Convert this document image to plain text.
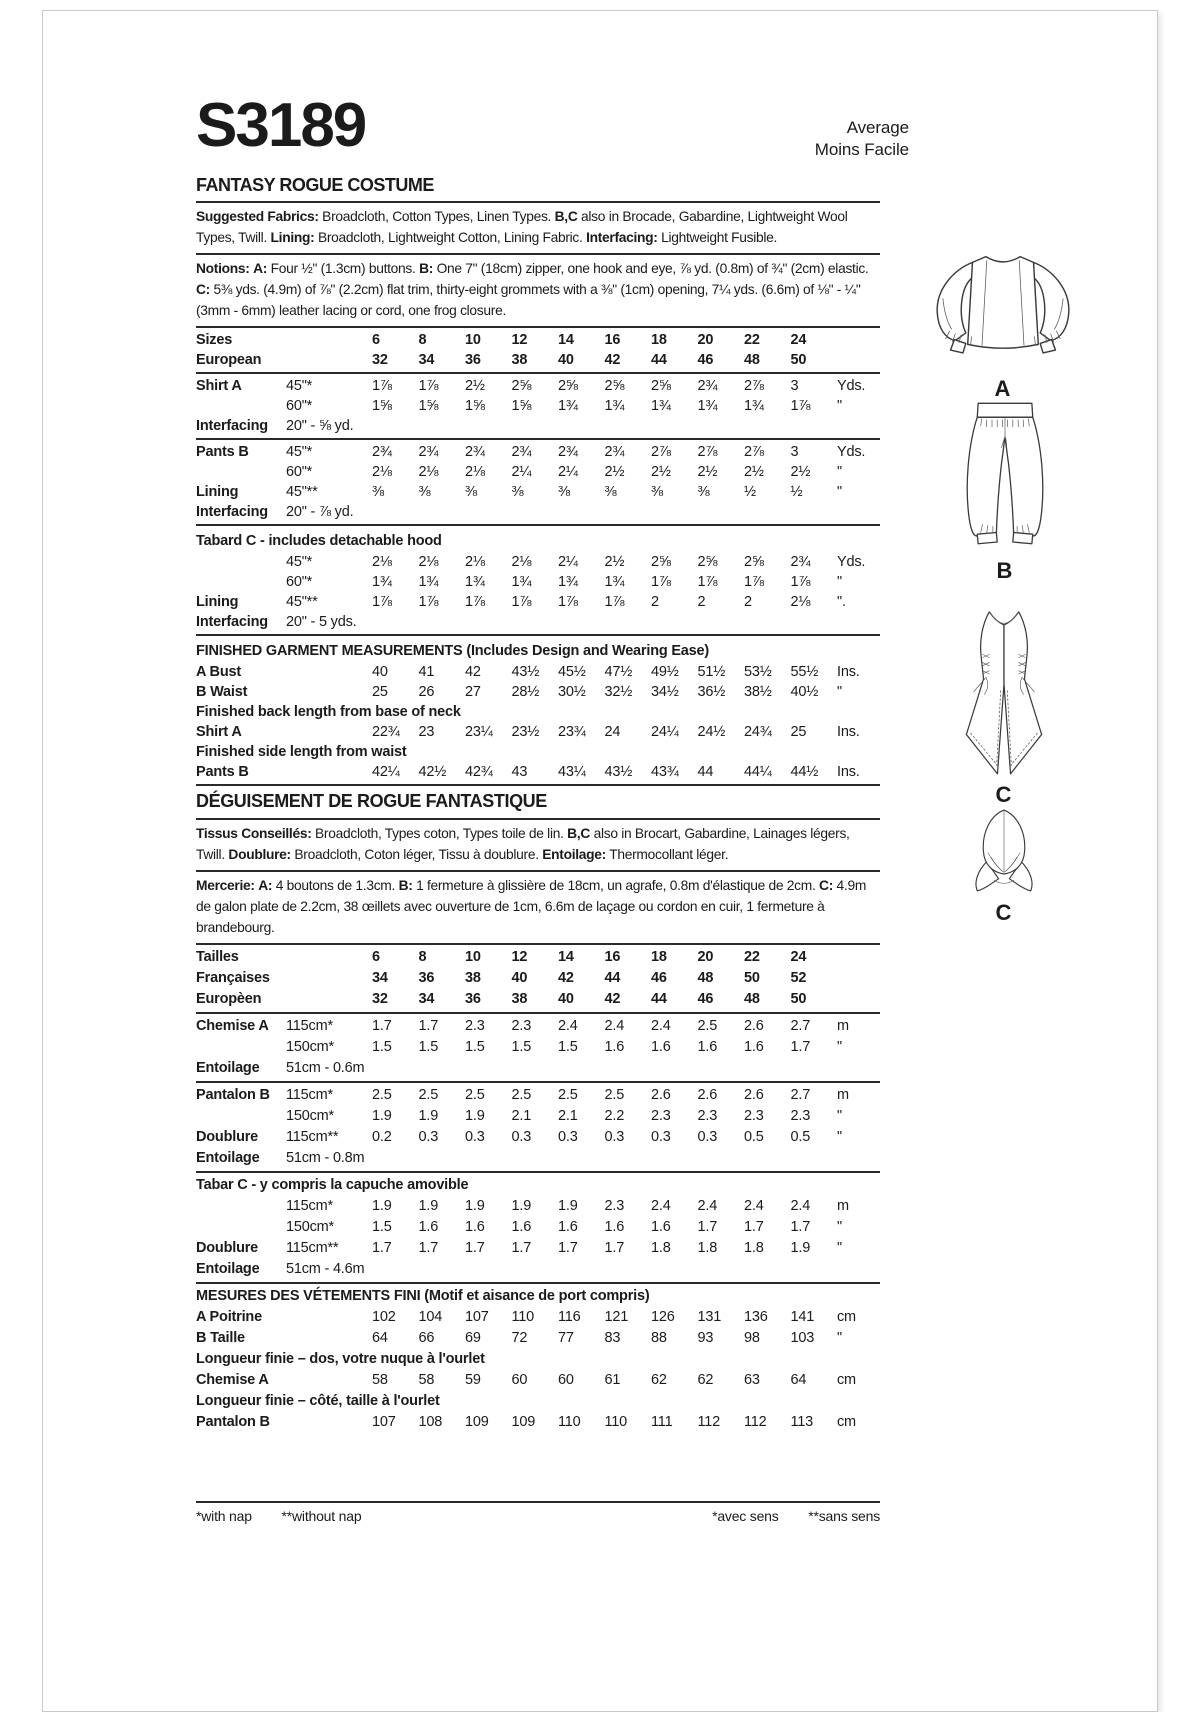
S3189	Average
Moins Facile
FANTASY ROGUE COSTUME
Suggested Fabrics: Broadcloth, Cotton Types, Linen Types. B,C also in Brocade, Gabardine, Lightweight Wool Types, Twill. Lining: Broadcloth, Lightweight Cotton, Lining Fabric. Interfacing: Lightweight Fusible.
Notions: A: Four ½" (1.3cm) buttons. B: One 7" (18cm) zipper, one hook and eye, ⅞ yd. (0.8m) of ¾" (2cm) elastic. C: 5⅜ yds. (4.9m) of ⅞" (2.2cm) flat trim, thirty-eight grommets with a ⅜" (1cm) opening, 7¼ yds. (6.6m) of ⅛" - ¼" (3mm - 6mm) leather lacing or cord, one frog closure.
Sizes	6	8	10	12	14	16	18	20	22	24
European	32	34	36	38	40	42	44	46	48	50
Shirt A	45"*	1⅞	1⅞	2½	2⅝	2⅝	2⅝	2⅝	2¾	2⅞	3	Yds.
60"*	1⅝	1⅝	1⅝	1⅝	1¾	1¾	1¾	1¾	1¾	1⅞	"
Interfacing	20" - ⅝ yd.
Pants B	45"*	2¾	2¾	2¾	2¾	2¾	2¾	2⅞	2⅞	2⅞	3	Yds.
60"*	2⅛	2⅛	2⅛	2¼	2¼	2½	2½	2½	2½	2½	"
Lining	45"**	⅜	⅜	⅜	⅜	⅜	⅜	⅜	⅜	½	½	"
Interfacing	20" - ⅞ yd.
Tabard C - includes detachable hood
45"*	2⅛	2⅛	2⅛	2⅛	2¼	2½	2⅝	2⅝	2⅝	2¾	Yds.
60"*	1¾	1¾	1¾	1¾	1¾	1¾	1⅞	1⅞	1⅞	1⅞	"
Lining	45"**	1⅞	1⅞	1⅞	1⅞	1⅞	1⅞	2	2	2	2⅛	".
Interfacing	20" - 5 yds.
FINISHED GARMENT MEASUREMENTS (Includes Design and Wearing Ease)
A Bust	40	41	42	43½	45½	47½	49½	51½	53½	55½	Ins.
B Waist	25	26	27	28½	30½	32½	34½	36½	38½	40½	"
Finished back length from base of neck
Shirt A	22¾	23	23¼	23½	23¾	24	24¼	24½	24¾	25	Ins.
Finished side length from waist
Pants B	42¼	42½	42¾	43	43¼	43½	43¾	44	44¼	44½	Ins.
DÉGUISEMENT DE ROGUE FANTASTIQUE
Tissus Conseillés: Broadcloth, Types coton, Types toile de lin. B,C also in Brocart, Gabardine, Lainages légers, Twill. Doublure: Broadcloth, Coton léger, Tissu à doublure. Entoilage: Thermocollant léger.
Mercerie: A: 4 boutons de 1.3cm. B: 1 fermeture à glissière de 18cm, un agrafe, 0.8m d'élastique de 2cm. C: 4.9m de galon plate de 2.2cm, 38 œillets avec ouverture de 1cm, 6.6m de laçage ou cordon en cuir, 1 fermeture à brandebourg.
Tailles	6	8	10	12	14	16	18	20	22	24
Françaises	34	36	38	40	42	44	46	48	50	52
Europèen	32	34	36	38	40	42	44	46	48	50
Chemise A	115cm*	1.7	1.7	2.3	2.3	2.4	2.4	2.4	2.5	2.6	2.7	m
150cm*	1.5	1.5	1.5	1.5	1.5	1.6	1.6	1.6	1.6	1.7	"
Entoilage	51cm - 0.6m
Pantalon B	115cm*	2.5	2.5	2.5	2.5	2.5	2.5	2.6	2.6	2.6	2.7	m
150cm*	1.9	1.9	1.9	2.1	2.1	2.2	2.3	2.3	2.3	2.3	"
Doublure	115cm**	0.2	0.3	0.3	0.3	0.3	0.3	0.3	0.3	0.5	0.5	"
Entoilage	51cm - 0.8m
Tabar C - y compris la capuche amovible
115cm*	1.9	1.9	1.9	1.9	1.9	2.3	2.4	2.4	2.4	2.4	m
150cm*	1.5	1.6	1.6	1.6	1.6	1.6	1.6	1.7	1.7	1.7	"
Doublure	115cm**	1.7	1.7	1.7	1.7	1.7	1.7	1.8	1.8	1.8	1.9	"
Entoilage	51cm - 4.6m
MESURES DES VÉTEMENTS FINI (Motif et aisance de port compris)
A Poitrine	102	104	107	110	116	121	126	131	136	141	cm
B Taille	64	66	69	72	77	83	88	93	98	103	"
Longueur finie – dos, votre nuque à l'ourlet
Chemise A	58	58	59	60	60	61	62	62	63	64	cm
Longueur finie – côté, taille à l'ourlet
Pantalon B	107	108	109	109	110	110	111	112	112	113	cm
*with nap **without nap	*avec sens **sans sens
A
B
C
C
